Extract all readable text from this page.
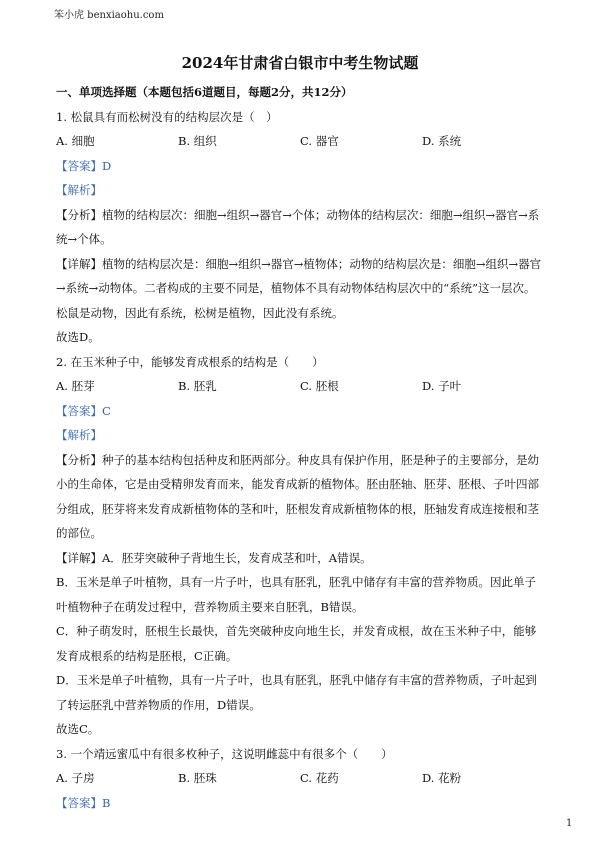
笨小虎 benxiaohu.com
2024年甘肃省白银市中考生物试题

一、单项选择题（本题包括6道题目，每题2分，共12分）

1. 松鼠具有而松树没有的结构层次是（　）

A. 细胞	B. 组织	C. 器官	D. 系统

【答案】D

【解析】

【分析】植物的结构层次：细胞→组织→器官→个体；动物体的结构层次：细胞→组织→器官→系统→个体。

【详解】植物的结构层次是：细胞→组织→器官→植物体；动物的结构层次是：细胞→组织→器官→系统→动物体。二者构成的主要不同是，植物体不具有动物体结构层次中的“系统”这一层次。松鼠是动物，因此有系统，松树是植物，因此没有系统。

故选D。

2. 在玉米种子中，能够发育成根系的结构是（　　）

A. 胚芽	B. 胚乳	C. 胚根	D. 子叶

【答案】C

【解析】

【分析】种子的基本结构包括种皮和胚两部分。种皮具有保护作用，胚是种子的主要部分，是幼小的生命体，它是由受精卵发育而来，能发育成新的植物体。胚由胚轴、胚芽、胚根、子叶四部分组成，胚芽将来发育成新植物体的茎和叶，胚根发育成新植物体的根，胚轴发育成连接根和茎的部位。

【详解】A．胚芽突破种子背地生长，发育成茎和叶，A错误。

B．玉米是单子叶植物，具有一片子叶，也具有胚乳，胚乳中储存有丰富的营养物质。因此单子叶植物种子在萌发过程中，营养物质主要来自胚乳，B错误。

C．种子萌发时，胚根生长最快，首先突破种皮向地生长，并发育成根，故在玉米种子中，能够发育成根系的结构是胚根，C正确。

D．玉米是单子叶植物，具有一片子叶，也具有胚乳，胚乳中储存有丰富的营养物质，子叶起到了转运胚乳中营养物质的作用，D错误。

故选C。

3. 一个靖远蜜瓜中有很多枚种子，这说明雌蕊中有很多个（　　）

A. 子房	B. 胚珠	C. 花药	D. 花粉

【答案】B

1
